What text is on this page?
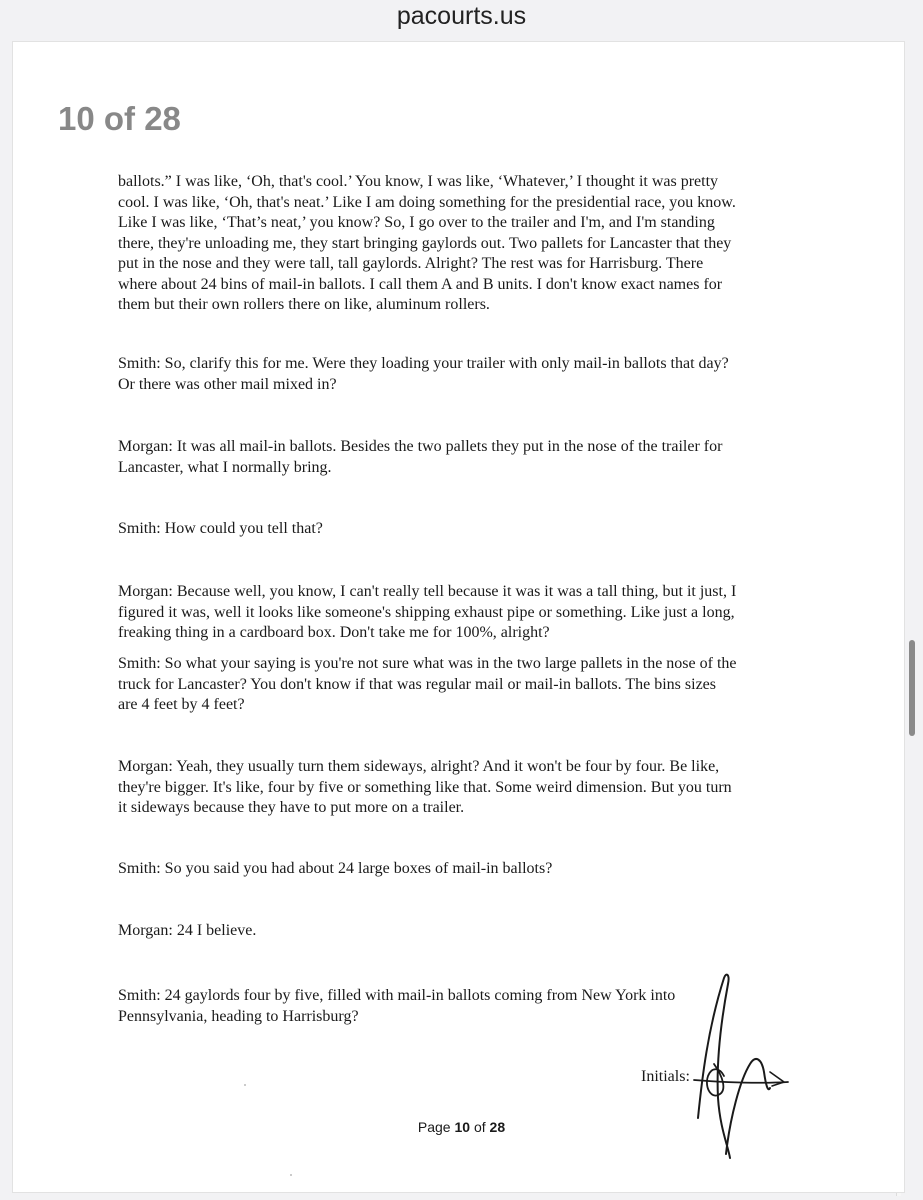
pacourts.us
10 of 28
ballots.” I was like, ‘Oh, that's cool.’ You know, I was like, ‘Whatever,’ I thought it was pretty
cool. I was like, ‘Oh, that's neat.’ Like I am doing something for the presidential race, you know.
Like I was like, ‘That’s neat,’ you know? So, I go over to the trailer and I'm, and I'm standing
there, they're unloading me, they start bringing gaylords out. Two pallets for Lancaster that they
put in the nose and they were tall, tall gaylords. Alright? The rest was for Harrisburg. There
where about 24 bins of mail-in ballots. I call them A and B units. I don't know exact names for
them but their own rollers there on like, aluminum rollers.
Smith: So, clarify this for me. Were they loading your trailer with only mail-in ballots that day?
Or there was other mail mixed in?
Morgan: It was all mail-in ballots. Besides the two pallets they put in the nose of the trailer for
Lancaster, what I normally bring.
Smith: How could you tell that?
Morgan: Because well, you know, I can't really tell because it was it was a tall thing, but it just, I
figured it was, well it looks like someone's shipping exhaust pipe or something. Like just a long,
freaking thing in a cardboard box. Don't take me for 100%, alright?
Smith: So what your saying is you're not sure what was in the two large pallets in the nose of the
truck for Lancaster? You don't know if that was regular mail or mail-in ballots. The bins sizes
are 4 feet by 4 feet?
Morgan: Yeah, they usually turn them sideways, alright? And it won't be four by four. Be like,
they're bigger. It's like, four by five or something like that. Some weird dimension. But you turn
it sideways because they have to put more on a trailer.
Smith: So you said you had about 24 large boxes of mail-in ballots?
Morgan: 24 I believe.
Smith: 24 gaylords four by five, filled with mail-in ballots coming from New York into
Pennsylvania, heading to Harrisburg?
Initials:
Page 10 of 28
